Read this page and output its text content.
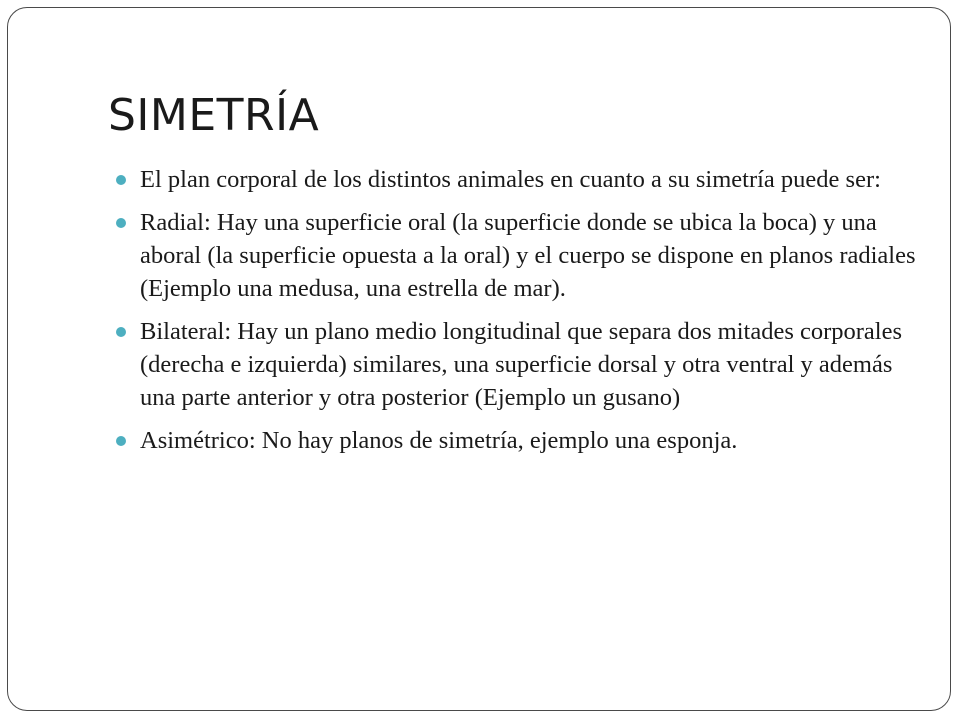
SIMETRÍA
El plan corporal de los distintos animales en cuanto a su simetría puede ser:
Radial: Hay una superficie oral (la superficie donde se ubica la boca) y una aboral (la superficie opuesta a la oral) y el cuerpo se dispone en planos radiales (Ejemplo una medusa, una estrella de mar).
Bilateral: Hay un plano medio longitudinal que separa dos mitades corporales (derecha e izquierda) similares, una superficie dorsal y otra ventral y además una parte anterior y otra posterior (Ejemplo un gusano)
Asimétrico: No hay planos de simetría, ejemplo una esponja.
